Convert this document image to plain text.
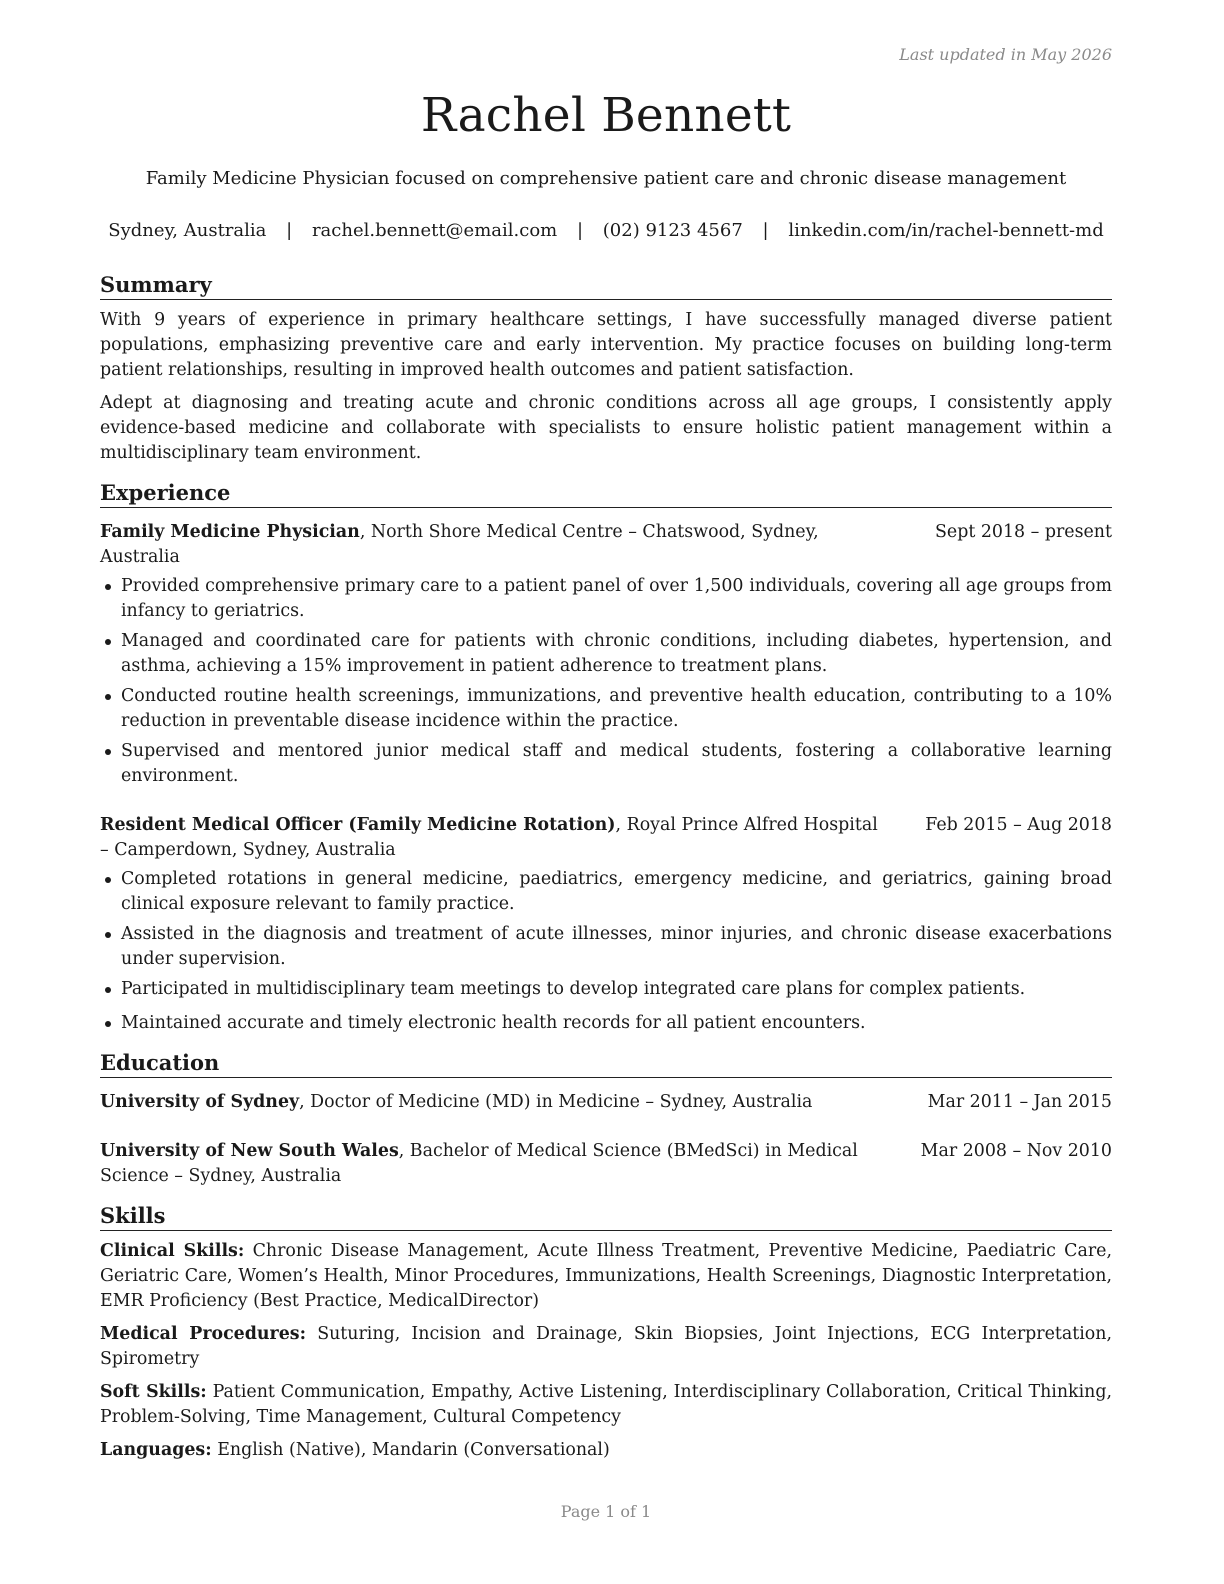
Last updated in May 2026
Rachel Bennett
Family Medicine Physician focused on comprehensive patient care and chronic disease management
Sydney, Australia | rachel.bennett@email.com | (02) 9123 4567 | linkedin.com/in/rachel-bennett-md
Summary

With 9 years of experience in primary healthcare settings, I have successfully managed diverse patient populations, emphasizing preventive care and early intervention. My practice focuses on building long-term patient relationships, resulting in improved health outcomes and patient satisfaction.

Adept at diagnosing and treating acute and chronic conditions across all age groups, I consistently apply evidence-based medicine and collaborate with specialists to ensure holistic patient management within a multidisciplinary team environment.

Experience
Family Medicine Physician, North Shore Medical Centre – Chatswood, Sydney, Australia
Sept 2018 – present
Provided comprehensive primary care to a patient panel of over 1,500 individuals, covering all age groups from infancy to geriatrics.
Managed and coordinated care for patients with chronic conditions, including diabetes, hypertension, and asthma, achieving a 15% improvement in patient adherence to treatment plans.
Conducted routine health screenings, immunizations, and preventive health education, contributing to a 10% reduction in preventable disease incidence within the practice.
Supervised and mentored junior medical staff and medical students, fostering a collaborative learning environment.
Resident Medical Officer (Family Medicine Rotation), Royal Prince Alfred Hospital – Camperdown, Sydney, Australia
Feb 2015 – Aug 2018
Completed rotations in general medicine, paediatrics, emergency medicine, and geriatrics, gaining broad clinical exposure relevant to family practice.
Assisted in the diagnosis and treatment of acute illnesses, minor injuries, and chronic disease exacerbations under supervision.
Participated in multidisciplinary team meetings to develop integrated care plans for complex patients.
Maintained accurate and timely electronic health records for all patient encounters.
Education
University of Sydney, Doctor of Medicine (MD) in Medicine – Sydney, Australia	Mar 2011 – Jan 2015
University of New South Wales, Bachelor of Medical Science (BMedSci) in Medical Science – Sydney, Australia
Mar 2008 – Nov 2010
Skills
Clinical Skills: Chronic Disease Management, Acute Illness Treatment, Preventive Medicine, Paediatric Care, Geriatric Care, Women’s Health, Minor Procedures, Immunizations, Health Screenings, Diagnostic Interpretation, EMR Proficiency (Best Practice, MedicalDirector)
Medical Procedures: Suturing, Incision and Drainage, Skin Biopsies, Joint Injections, ECG Interpretation, Spirometry
Soft Skills: Patient Communication, Empathy, Active Listening, Interdisciplinary Collaboration, Critical Thinking, Problem-Solving, Time Management, Cultural Competency
Languages: English (Native), Mandarin (Conversational)
Page 1 of 1
